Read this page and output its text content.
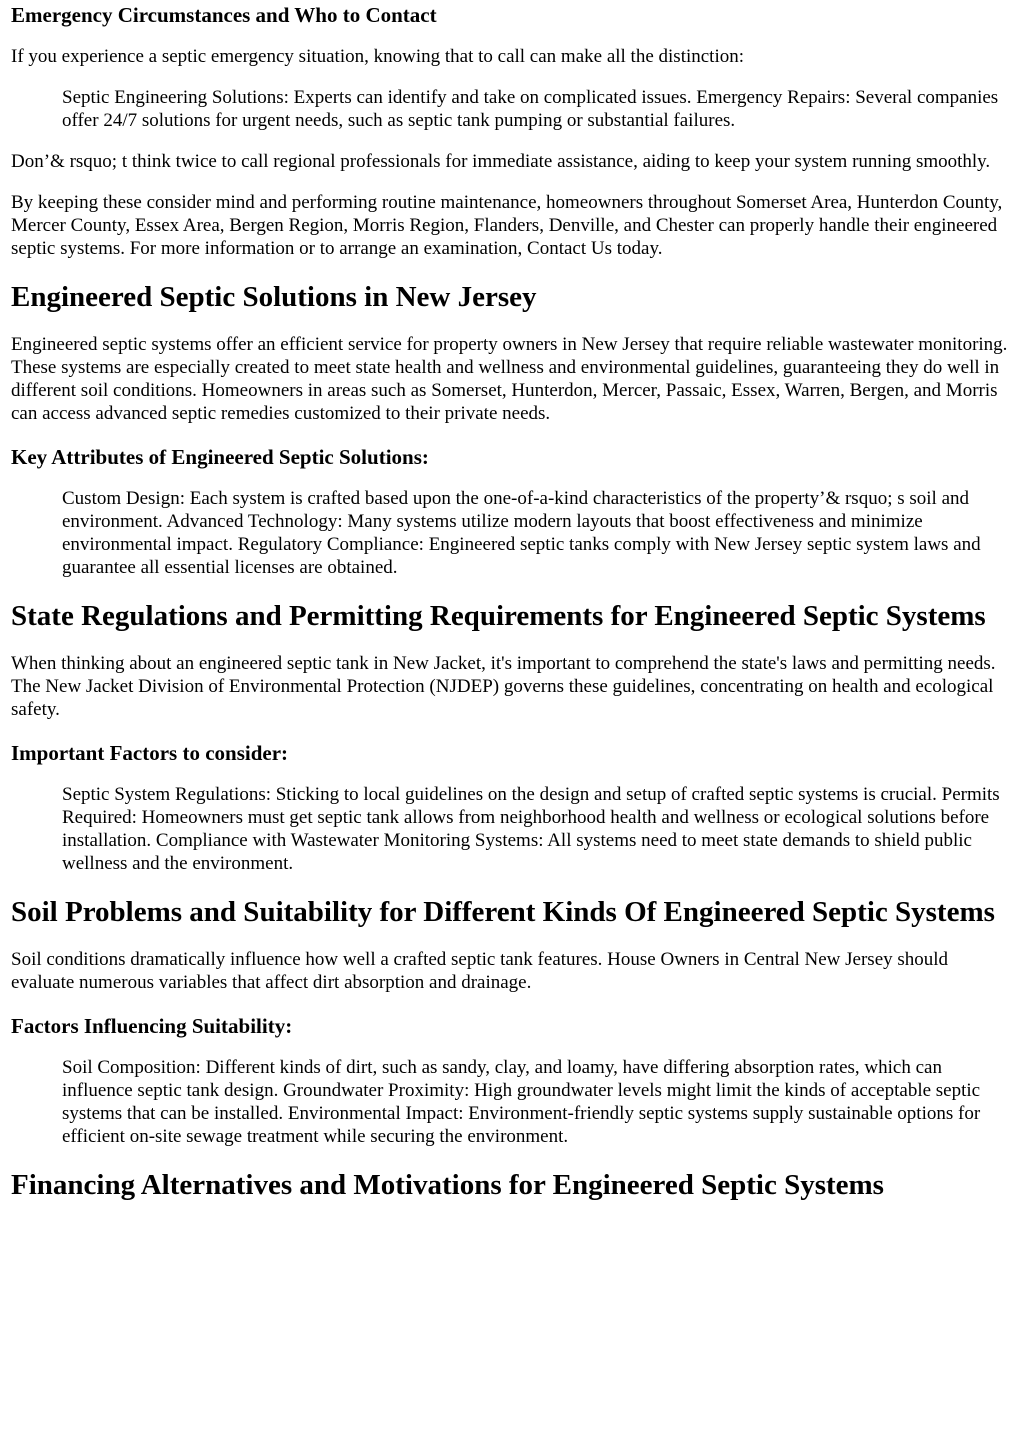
Emergency Circumstances and Who to Contact

If you experience a septic emergency situation, knowing that to call can make all the distinction:

Septic Engineering Solutions: Experts can identify and take on complicated issues. Emergency Repairs: Several companies offer 24/7 solutions for urgent needs, such as septic tank pumping or substantial failures.

Don’& rsquo; t think twice to call regional professionals for immediate assistance, aiding to keep your system running smoothly.

By keeping these consider mind and performing routine maintenance, homeowners throughout Somerset Area, Hunterdon County, Mercer County, Essex Area, Bergen Region, Morris Region, Flanders, Denville, and Chester can properly handle their engineered septic systems. For more information or to arrange an examination, Contact Us today.

Engineered Septic Solutions in New Jersey

Engineered septic systems offer an efficient service for property owners in New Jersey that require reliable wastewater monitoring. These systems are especially created to meet state health and wellness and environmental guidelines, guaranteeing they do well in different soil conditions. Homeowners in areas such as Somerset, Hunterdon, Mercer, Passaic, Essex, Warren, Bergen, and Morris can access advanced septic remedies customized to their private needs.

Key Attributes of Engineered Septic Solutions:
Custom Design: Each system is crafted based upon the one-of-a-kind characteristics of the property’& rsquo; s soil and environment. Advanced Technology: Many systems utilize modern layouts that boost effectiveness and minimize environmental impact. Regulatory Compliance: Engineered septic tanks comply with New Jersey septic system laws and guarantee all essential licenses are obtained.
State Regulations and Permitting Requirements for Engineered Septic Systems

When thinking about an engineered septic tank in New Jacket, it's important to comprehend the state's laws and permitting needs. The New Jacket Division of Environmental Protection (NJDEP) governs these guidelines, concentrating on health and ecological safety.

Important Factors to consider:
Septic System Regulations: Sticking to local guidelines on the design and setup of crafted septic systems is crucial. Permits Required: Homeowners must get septic tank allows from neighborhood health and wellness or ecological solutions before installation. Compliance with Wastewater Monitoring Systems: All systems need to meet state demands to shield public wellness and the environment.
Soil Problems and Suitability for Different Kinds Of Engineered Septic Systems

Soil conditions dramatically influence how well a crafted septic tank features. House Owners in Central New Jersey should evaluate numerous variables that affect dirt absorption and drainage.

Factors Influencing Suitability:
Soil Composition: Different kinds of dirt, such as sandy, clay, and loamy, have differing absorption rates, which can influence septic tank design. Groundwater Proximity: High groundwater levels might limit the kinds of acceptable septic systems that can be installed. Environmental Impact: Environment-friendly septic systems supply sustainable options for efficient on-site sewage treatment while securing the environment.
Financing Alternatives and Motivations for Engineered Septic Systems
